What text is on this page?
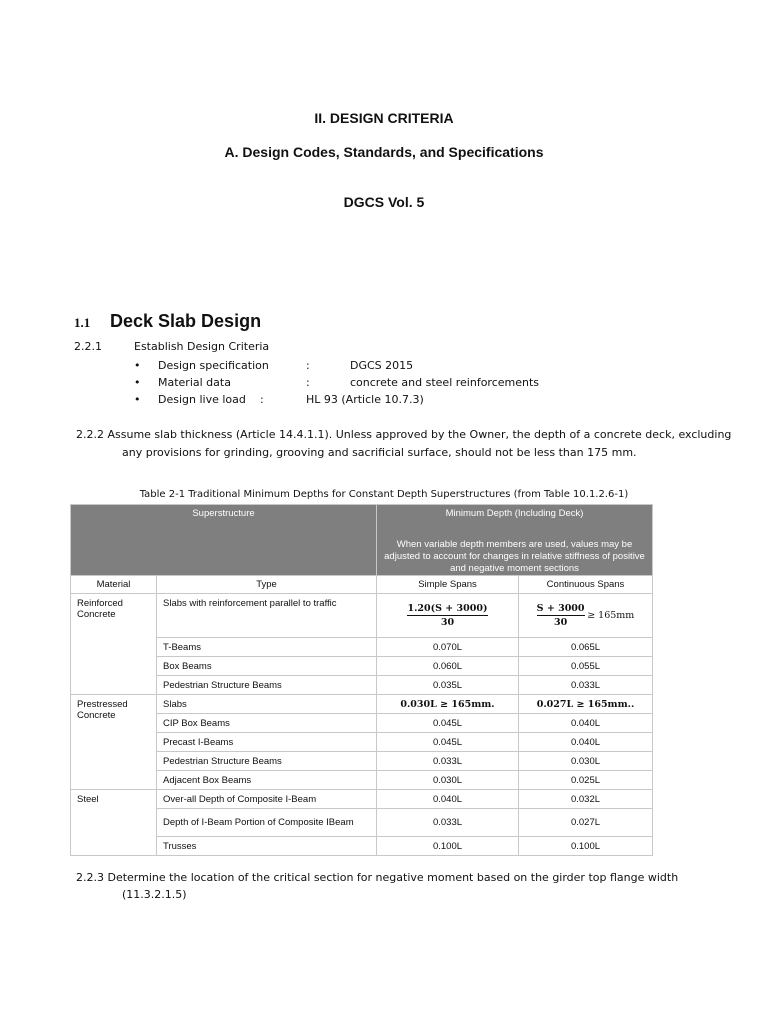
II. DESIGN CRITERIA
A. Design Codes, Standards, and Specifications
DGCS Vol. 5
1.1 Deck Slab Design
2.2.1	Establish Design Criteria
• Design specification	:	DGCS 2015
• Material data	:	concrete and steel reinforcements
• Design live load :	HL 93 (Article 10.7.3)
2.2.2 Assume slab thickness (Article 14.4.1.1). Unless approved by the Owner, the depth of a concrete deck, excluding
any provisions for grinding, grooving and sacrificial surface, should not be less than 175 mm.
Table 2-1 Traditional Minimum Depths for Constant Depth Superstructures (from Table 10.1.2.6-1)
Superstructure		Minimum Depth (Including Deck)
When variable depth members are used, values may be adjusted to account for changes in relative stiffness of positive and negative moment sections	

Material	Type	Simple Spans	Continuous Spans
Reinforced Concrete	Slabs with reinforcement parallel to traffic	$\frac{1.20(S + 3000)}{30}$	$\frac{S + 3000}{30} \ge 165mm$
	T-Beams	0.070L	0.065L
	Box Beams	0.060L	0.055L
	Pedestrian Structure Beams	0.035L	0.033L
Prestressed Concrete	Slabs	0.030L ≥ 165mm.	0.027L ≥ 165mm..
	CIP Box Beams	0.045L	0.040L
	Precast I-Beams	0.045L	0.040L
	Pedestrian Structure Beams	0.033L	0.030L
	Adjacent Box Beams	0.030L	0.025L
Steel	Over-all Depth of Composite I-Beam	0.040L	0.032L
	Depth of I-Beam Portion of Composite IBeam	0.033L	0.027L
	Trusses	0.100L	0.100L
2.2.3 Determine the location of the critical section for negative moment based on the girder top flange width
(11.3.2.1.5)
